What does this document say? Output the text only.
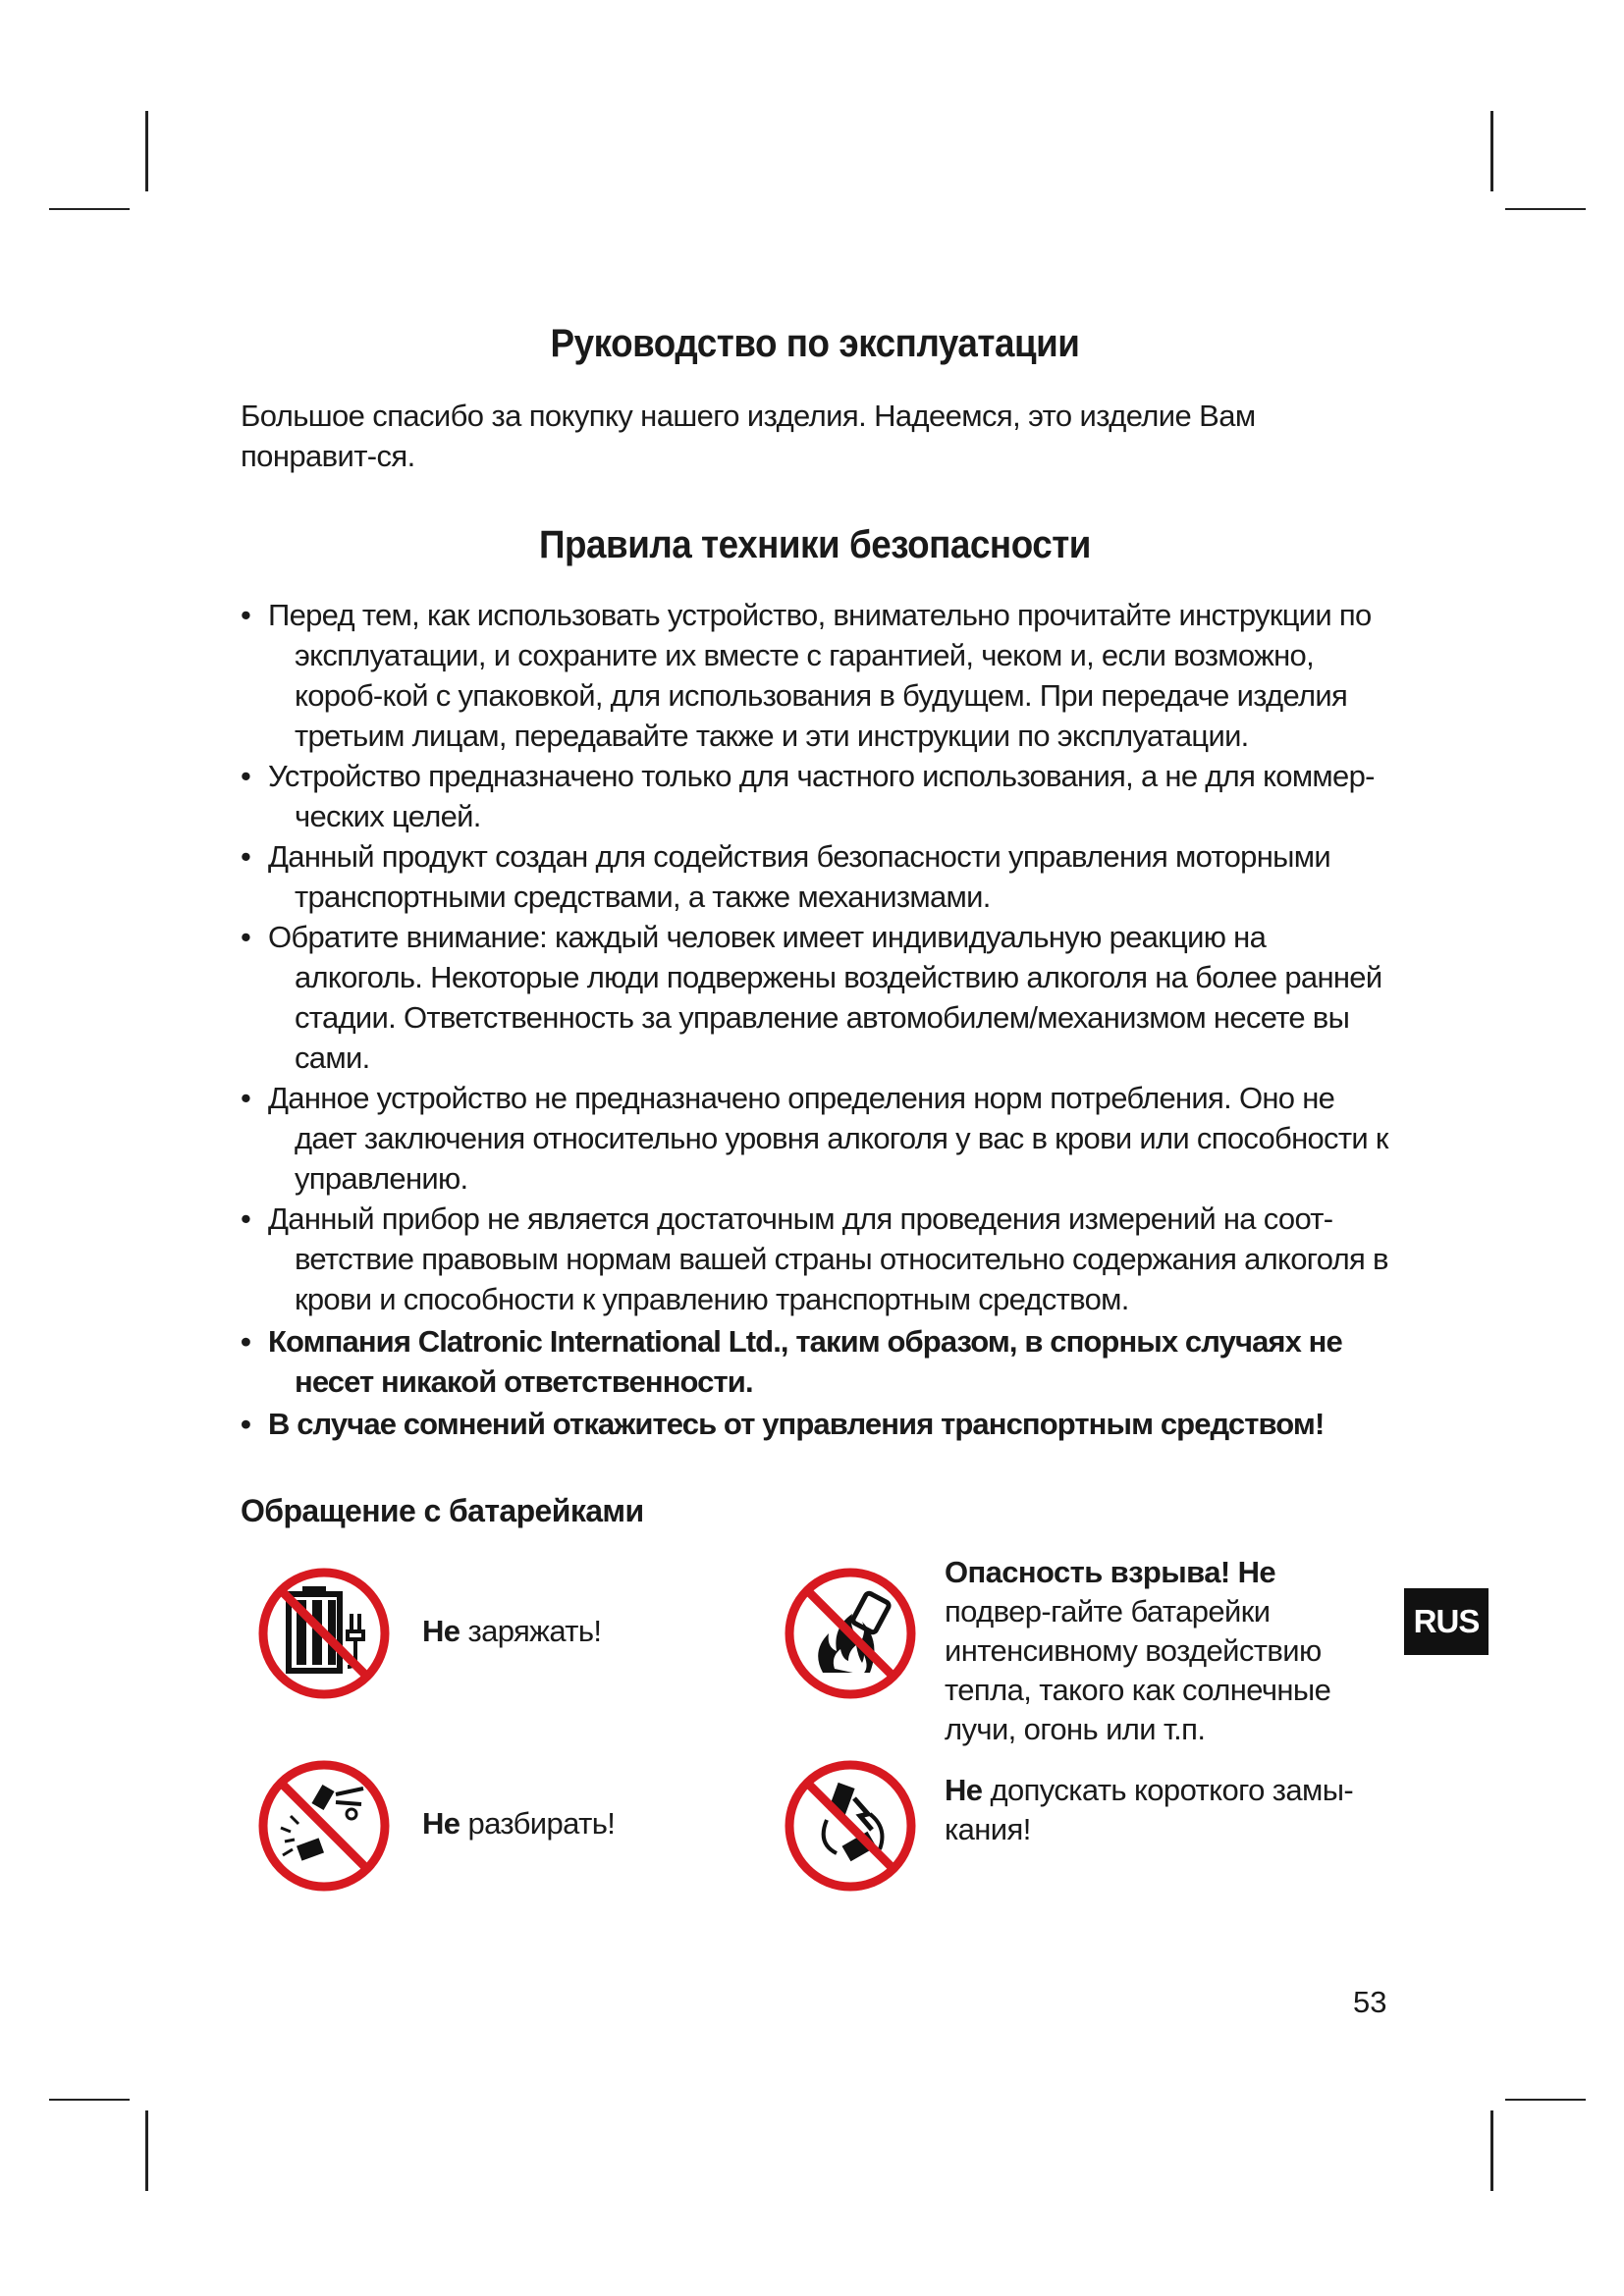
Руководство по эксплуатации

Большое спасибо за покупку нашего изделия. Надеемся, это изделие Вам понравит-ся.

Правила техники безопасности
• Перед тем, как использовать устройство, внимательно прочитайте инструкции по эксплуатации, и сохраните их вместе с гарантией, чеком и, если возможно, короб-кой с упаковкой, для использования в будущем. При передаче изделия третьим лицам, передавайте также и эти инструкции по эксплуатации.
• Устройство предназначено только для частного использования, а не для коммер-ческих целей.
• Данный продукт создан для содействия безопасности управления моторными транспортными средствами, а также механизмами.
• Обратите внимание: каждый человек имеет индивидуальную реакцию на алкоголь. Некоторые люди подвержены воздействию алкоголя на более ранней стадии. Ответственность за управление автомобилем/механизмом несете вы сами.
• Данное устройство не предназначено определения норм потребления. Оно не дает заключения относительно уровня алкоголя у вас в крови или способности к управлению.
• Данный прибор не является достаточным для проведения измерений на соот-ветствие правовым нормам вашей страны относительно содержания алкоголя в крови и способности к управлению транспортным средством.
• Компания Clatronic International Ltd., таким образом, в спорных случаях не несет никакой ответственности.
• В случае сомнений откажитесь от управления транспортным средством!
Обращение с батарейками
Не заряжать!
Опасность взрыва! Не подвер-гайте батарейки интенсивному воздействию тепла, такого как солнечные лучи, огонь или т.п.
Не разбирать!
Не допускать короткого замы-кания!
RUS
53
